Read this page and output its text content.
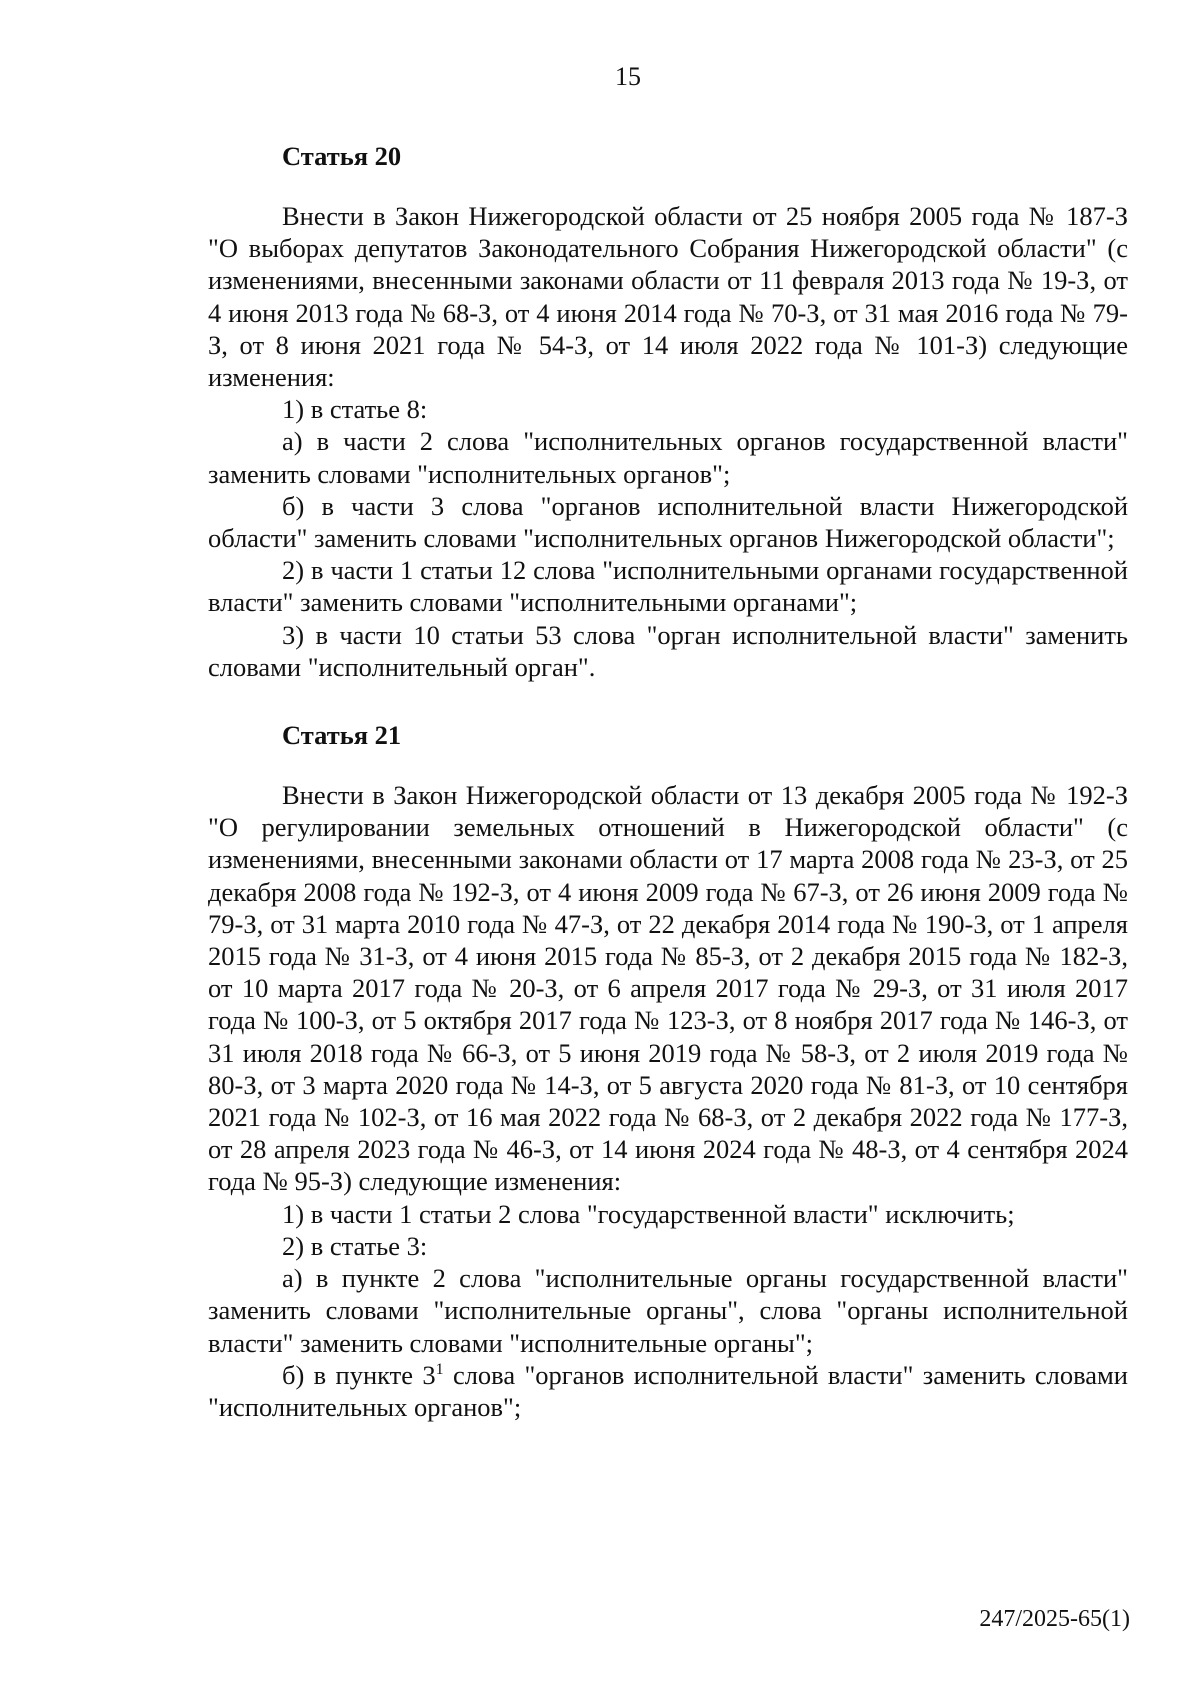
15
Статья 20

Внести в Закон Нижегородской области от 25 ноября 2005 года № 187-З "О выборах депутатов Законодательного Собрания Нижегородской области" (с изменениями, внесенными законами области от 11 февраля 2013 года № 19-З, от 4 июня 2013 года № 68-З, от 4 июня 2014 года № 70-З, от 31 мая 2016 года № 79-З, от 8 июня 2021 года № 54-З, от 14 июля 2022 года № 101-З) следующие изменения:

1) в статье 8:

а) в части 2 слова "исполнительных органов государственной власти" заменить словами "исполнительных органов";

б) в части 3 слова "органов исполнительной власти Нижегородской области" заменить словами "исполнительных органов Нижегородской области";

2) в части 1 статьи 12 слова "исполнительными органами государственной власти" заменить словами "исполнительными органами";

3) в части 10 статьи 53 слова "орган исполнительной власти" заменить словами "исполнительный орган".

Статья 21

Внести в Закон Нижегородской области от 13 декабря 2005 года № 192-З "О регулировании земельных отношений в Нижегородской области" (с изменениями, внесенными законами области от 17 марта 2008 года № 23-З, от 25 декабря 2008 года № 192-З, от 4 июня 2009 года № 67-З, от 26 июня 2009 года № 79-З, от 31 марта 2010 года № 47-З, от 22 декабря 2014 года № 190-З, от 1 апреля 2015 года № 31-З, от 4 июня 2015 года № 85-З, от 2 декабря 2015 года № 182-З, от 10 марта 2017 года № 20-З, от 6 апреля 2017 года № 29-З, от 31 июля 2017 года № 100-З, от 5 октября 2017 года № 123-З, от 8 ноября 2017 года № 146-З, от 31 июля 2018 года № 66-З, от 5 июня 2019 года № 58-З, от 2 июля 2019 года № 80-З, от 3 марта 2020 года № 14-З, от 5 августа 2020 года № 81-З, от 10 сентября 2021 года № 102-З, от 16 мая 2022 года № 68-З, от 2 декабря 2022 года № 177-З, от 28 апреля 2023 года № 46-З, от 14 июня 2024 года № 48-З, от 4 сентября 2024 года № 95-З) следующие изменения:

1) в части 1 статьи 2 слова "государственной власти" исключить;

2) в статье 3:

а) в пункте 2 слова "исполнительные органы государственной власти" заменить словами "исполнительные органы", слова "органы исполнительной власти" заменить словами "исполнительные органы";

б) в пункте $3^1$ слова "органов исполнительной власти" заменить словами "исполнительных органов";

247/2025-65(1)
